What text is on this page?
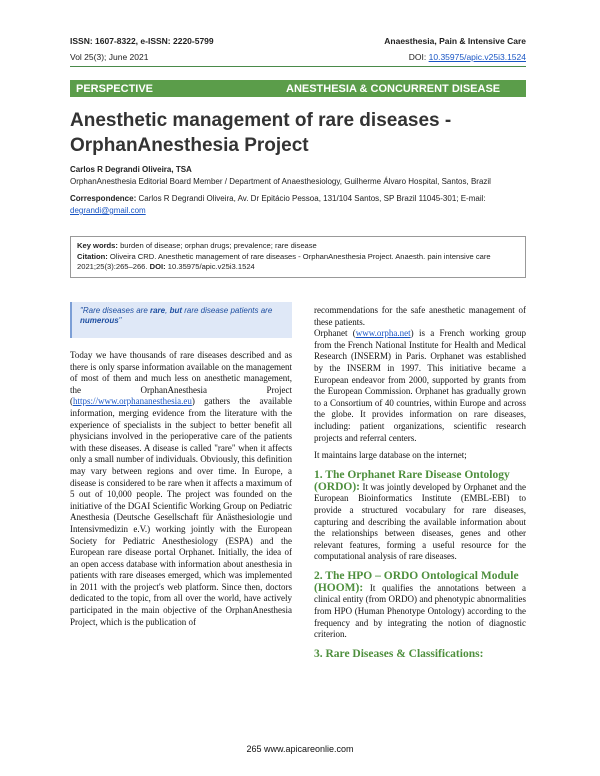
ISSN: 1607-8322, e-ISSN: 2220-5799	Anaesthesia, Pain & Intensive Care
Vol 25(3); June 2021	DOI: 10.35975/apic.v25i3.1524
PERSPECTIVE	ANESTHESIA & CONCURRENT DISEASE
Anesthetic management of rare diseases -
OrphanAnesthesia Project
Carlos R Degrandi Oliveira, TSA
OrphanAnesthesia Editorial Board Member / Department of Anaesthesiology, Guilherme Álvaro Hospital, Santos, Brazil
Correspondence: Carlos R Degrandi Oliveira, Av. Dr Epitácio Pessoa, 131/104 Santos, SP Brazil 11045-301; E-mail:
degrandi@gmail.com
Key words: burden of disease; orphan drugs; prevalence; rare disease
Citation: Oliveira CRD. Anesthetic management of rare diseases - OrphanAnesthesia Project. Anaesth. pain intensive care 2021;25(3):265–266. DOI: 10.35975/apic.v25i3.1524
"Rare diseases are rare, but rare disease patients are numerous"

Today we have thousands of rare diseases described and as there is only sparse information available on the management of most of them and much less on anesthetic management, the OrphanAnesthesia Project (https://www.orphananesthesia.eu) gathers the available information, merging evidence from the literature with the experience of specialists in the subject to better benefit all physicians involved in the perioperative care of the patients with these diseases. A disease is called "rare" when it affects only a small number of individuals. Obviously, this definition may vary between regions and over time. In Europe, a disease is considered to be rare when it affects a maximum of 5 out of 10,000 people. The project was founded on the initiative of the DGAI Scientific Working Group on Pediatric Anesthesia (Deutsche Gesellschaft für Anästhesiologie und Intensivmedizin e.V.) working jointly with the European Society for Pediatric Anesthesiology (ESPA) and the European rare disease portal Orphanet. Initially, the idea of an open access database with information about anesthesia in patients with rare diseases emerged, which was implemented in 2011 with the project's web platform. Since then, doctors dedicated to the topic, from all over the world, have actively participated in the main objective of the OrphanAnesthesia Project, which is the publication of

recommendations for the safe anesthetic management of these patients.

Orphanet (www.orpha.net) is a French working group from the French National Institute for Health and Medical Research (INSERM) in Paris. Orphanet was established by the INSERM in 1997. This initiative became a European endeavor from 2000, supported by grants from the European Commission. Orphanet has gradually grown to a Consortium of 40 countries, within Europe and across the globe. It provides information on rare diseases, including: patient organizations, scientific research projects and referral centers.

It maintains large database on the internet;

1. The Orphanet Rare Disease Ontology

(ORDO): It was jointly developed by Orphanet and the European Bioinformatics Institute (EMBL-EBI) to provide a structured vocabulary for rare diseases, capturing and describing the available information about the relationships between diseases, genes and other relevant features, forming a useful resource for the computational analysis of rare diseases.

2. The HPO – ORDO Ontological Module

(HOOM): It qualifies the annotations between a clinical entity (from ORDO) and phenotypic abnormalities from HPO (Human Phenotype Ontology) according to the frequency and by integrating the notion of diagnostic criterion.

3. Rare Diseases & Classifications:
265 www.apicareonlie.com
